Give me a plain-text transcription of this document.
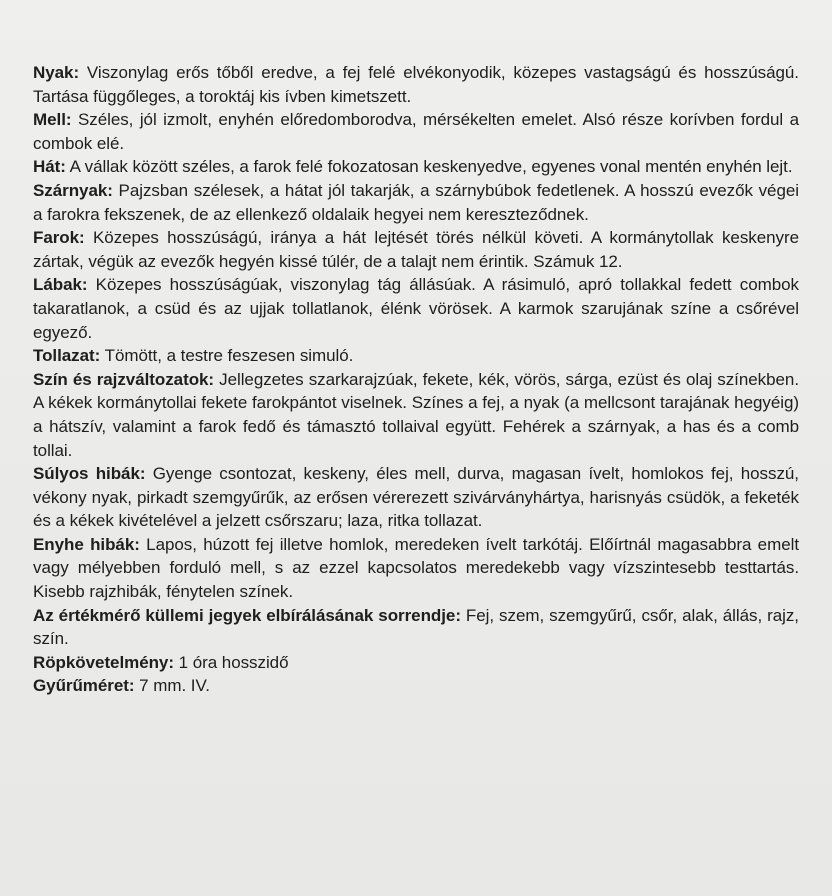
Nyak: Viszonylag erős tőből eredve, a fej felé elvékonyodik, közepes vastagságú és hosszúságú. Tartása függőleges, a toroktáj kis ívben kimetszett.

Mell: Széles, jól izmolt, enyhén előredomborodva, mérsékelten emelet. Alsó része korívben fordul a combok elé.

Hát: A vállak között széles, a farok felé fokozatosan keskenyedve, egyenes vonal mentén enyhén lejt.

Szárnyak: Pajzsban szélesek, a hátat jól takarják, a szárnybúbok fedetlenek. A hosszú evezők végei a farokra fekszenek, de az ellenkező oldalaik hegyei nem kereszteződnek.

Farok: Közepes hosszúságú, iránya a hát lejtését törés nélkül követi. A kormánytollak keskenyre zártak, végük az evezők hegyén kissé túlér, de a talajt nem érintik. Számuk 12.

Lábak: Közepes hosszúságúak, viszonylag tág állásúak. A rásimuló, apró tollakkal fedett combok takaratlanok, a csüd és az ujjak tollatlanok, élénk vörösek. A karmok szarujának színe a csőrével egyező.

Tollazat: Tömött, a testre feszesen simuló.

Szín és rajzváltozatok: Jellegzetes szarkarajzúak, fekete, kék, vörös, sárga, ezüst és olaj színekben. A kékek kormánytollai fekete farokpántot viselnek. Színes a fej, a nyak (a mellcsont tarajának hegyéig) a hátszív, valamint a farok fedő és támasztó tollaival együtt. Fehérek a szárnyak, a has és a comb tollai.

Súlyos hibák: Gyenge csontozat, keskeny, éles mell, durva, magasan ívelt, homlokos fej, hosszú, vékony nyak, pirkadt szemgyűrűk, az erősen vérerezett szivárványhártya, harisnyás csüdök, a feketék és a kékek kivételével a jelzett csőrszaru; laza, ritka tollazat.

Enyhe hibák: Lapos, húzott fej illetve homlok, meredeken ívelt tarkótáj. Előírtnál magasabbra emelt vagy mélyebben forduló mell, s az ezzel kapcsolatos meredekebb vagy vízszintesebb testtartás. Kisebb rajzhibák, fénytelen színek.

Az értékmérő küllemi jegyek elbírálásának sorrendje: Fej, szem, szemgyűrű, csőr, alak, állás, rajz, szín.

Röpkövetelmény: 1 óra hosszidő

Gyűrűméret: 7 mm. IV.
